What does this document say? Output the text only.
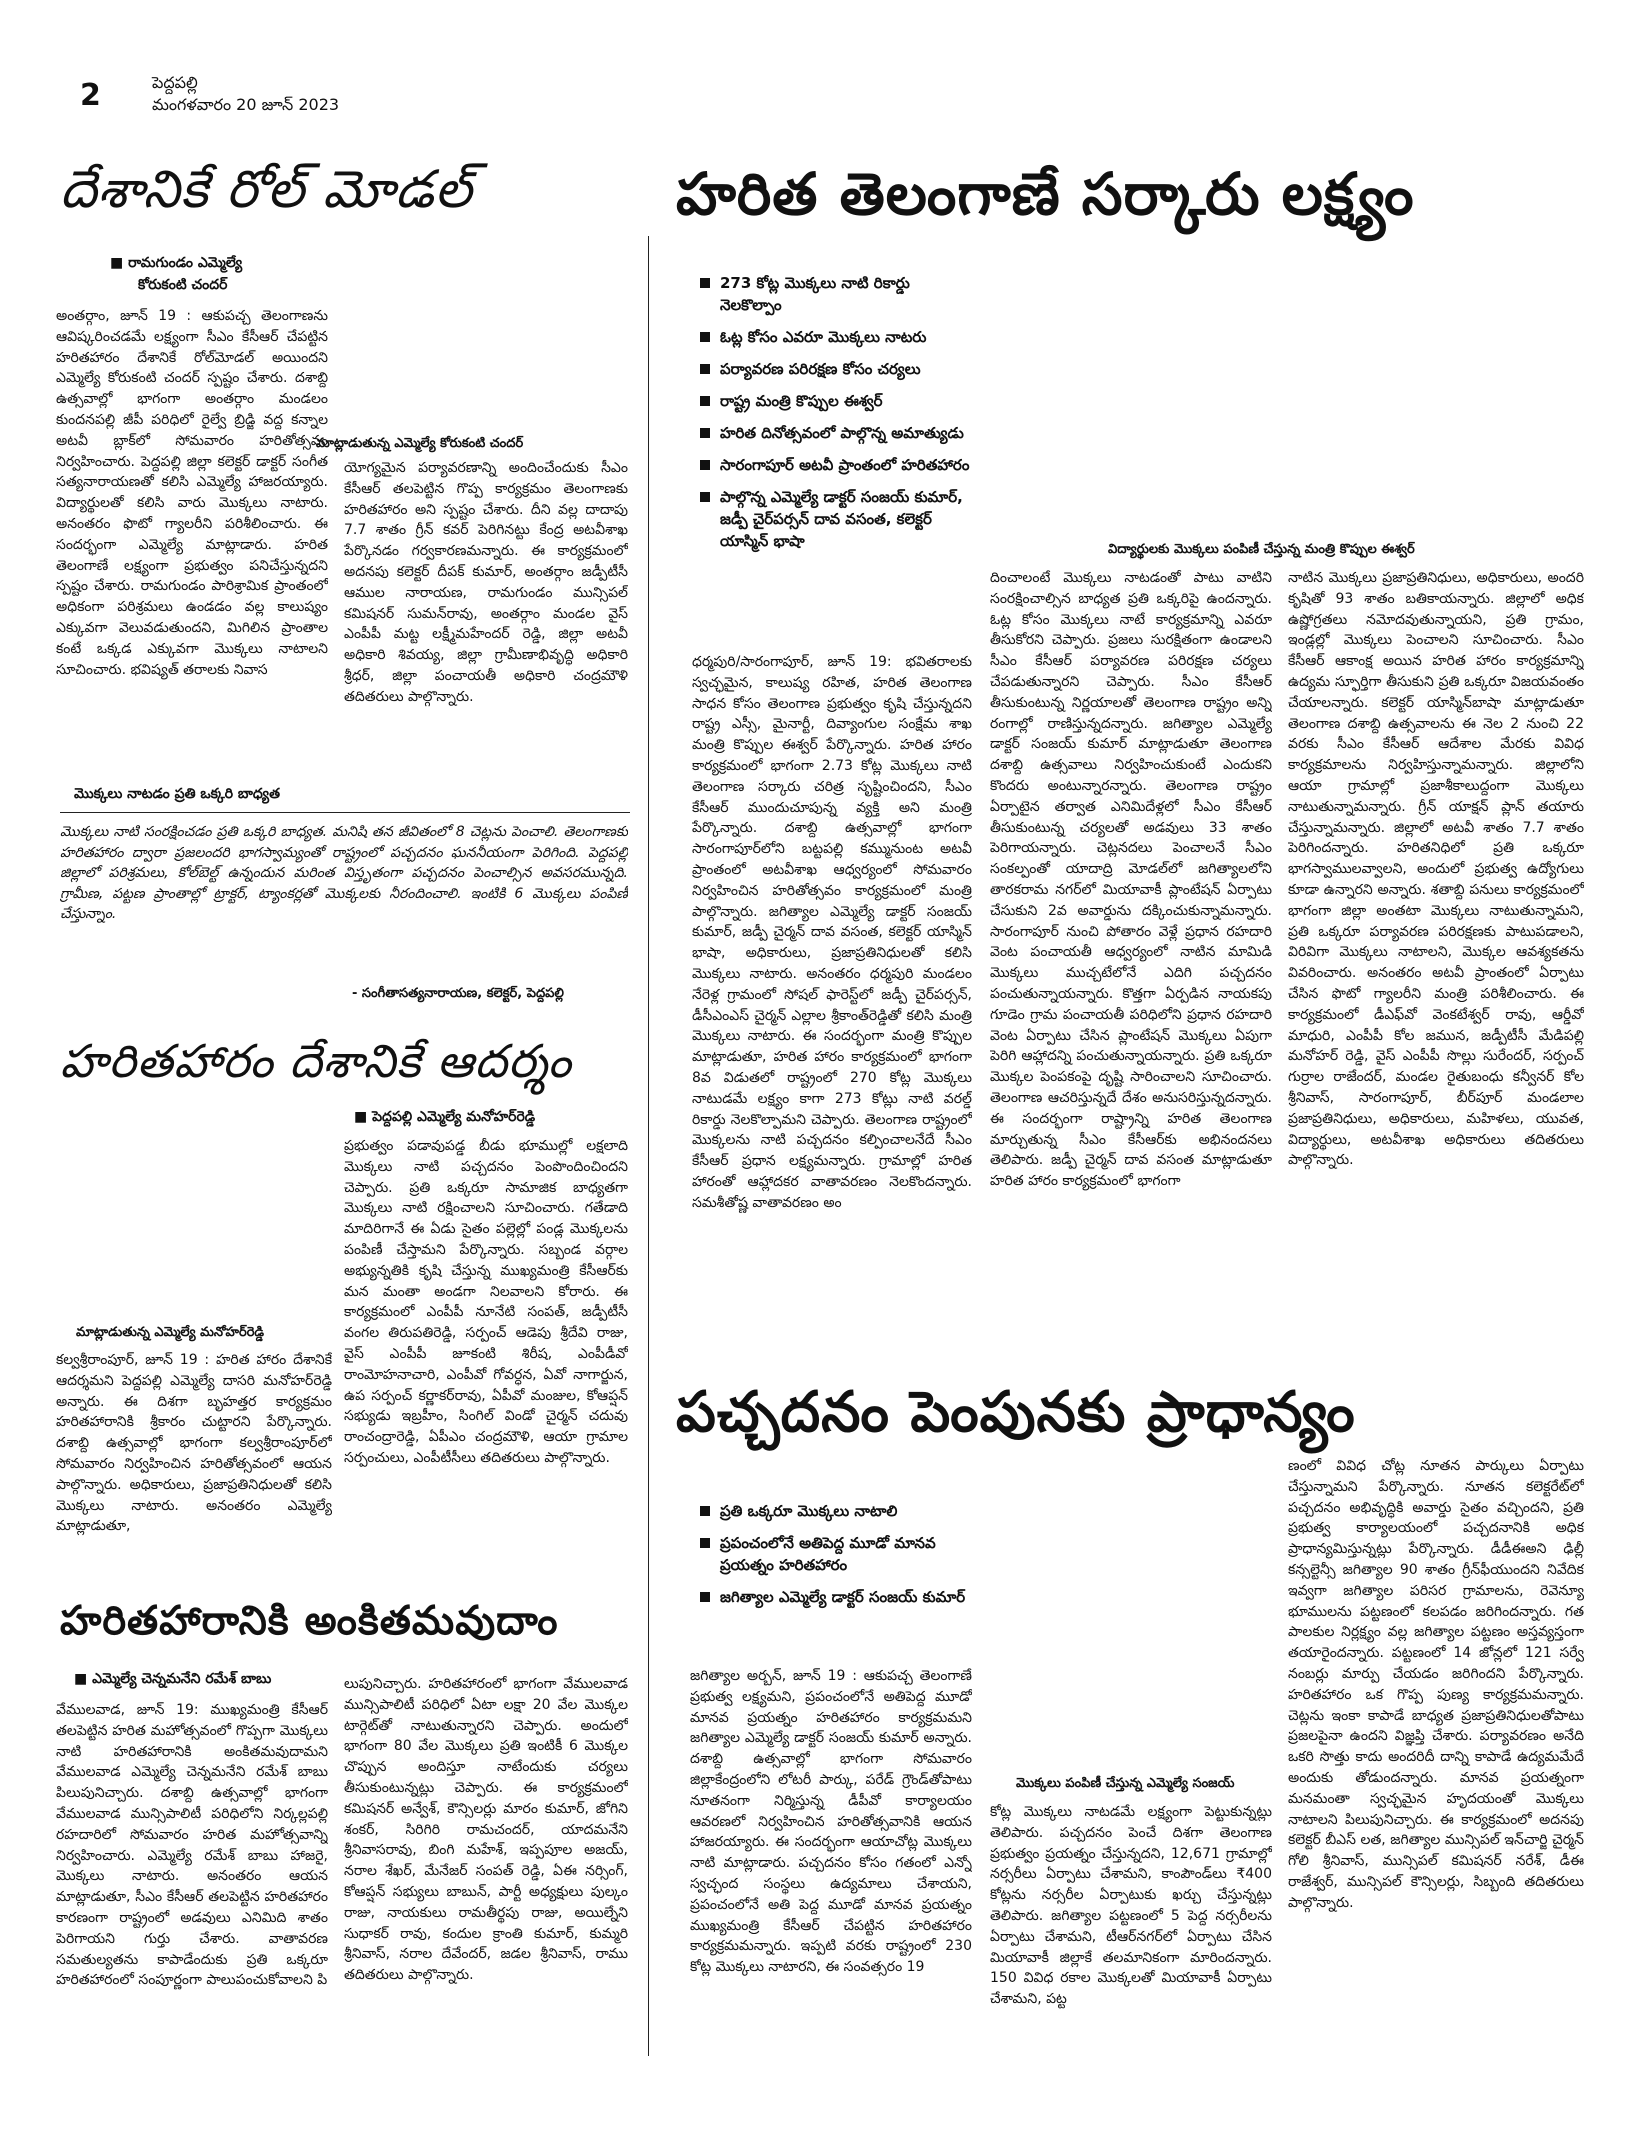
2	పెద్దపల్లి
మంగళవారం 20 జూన్ 2023
దేశానికే రోల్ మోడల్
■ రామగుండం ఎమ్మెల్యే
కోరుకంటి చందర్
అంతర్గాం, జూన్ 19 : ఆకుపచ్చ తెలంగాణను ఆవిష్కరించడమే లక్ష్యంగా సీఎం కేసీఆర్ చేపట్టిన హరితహారం దేశానికే రోల్‌మోడల్ అయిందని ఎమ్మెల్యే కోరుకంటి చందర్ స్పష్టం చేశారు. దశాబ్ది ఉత్సవాల్లో భాగంగా అంతర్గాం మండలం కుందనపల్లి జీపీ పరిధిలో రైల్వే బ్రిడ్జి వద్ద కన్నాల అటవీ బ్లాక్‌లో సోమవారం హరితోత్సవం నిర్వహించారు. పెద్దపల్లి జిల్లా కలెక్టర్ డాక్టర్ సంగీత సత్యనారాయణతో కలిసి ఎమ్మెల్యే హాజరయ్యారు. విద్యార్థులతో కలిసి వారు మొక్కలు నాటారు. అనంతరం ఫొటో గ్యాలరీని పరిశీలించారు. ఈ సందర్భంగా ఎమ్మెల్యే మాట్లాడారు. హరిత తెలంగాణే లక్ష్యంగా ప్రభుత్వం పనిచేస్తున్నదని స్పష్టం చేశారు. రామగుండం పారిశ్రామిక ప్రాంతంలో అధికంగా పరిశ్రమలు ఉండడం వల్ల కాలుష్యం ఎక్కువగా వెలువడుతుందని, మిగిలిన ప్రాంతాల కంటే ఒక్కడ ఎక్కువగా మొక్కలు నాటాలని సూచించారు. భవిష్యత్ తరాలకు నివాస
మాట్లాడుతున్న ఎమ్మెల్యే కోరుకంటి చందర్
యోగ్యమైన పర్యావరణాన్ని అందించేందుకు సీఎం కేసీఆర్ తలపెట్టిన గొప్ప కార్యక్రమం తెలంగాణకు హరితహారం అని స్పష్టం చేశారు. దీని వల్ల దాదాపు 7.7 శాతం గ్రీన్ కవర్ పెరిగినట్టు కేంద్ర అటవీశాఖ పేర్కొనడం గర్వకారణమన్నారు. ఈ కార్యక్రమంలో అదనపు కలెక్టర్ దీపక్ కుమార్, అంతర్గాం జడ్పీటీసీ ఆముల నారాయణ, రామగుండం మున్సిపల్ కమిషనర్ సుమన్‌రావు, అంతర్గాం మండల వైస్ ఎంపీపీ మట్ట లక్ష్మీమహేందర్ రెడ్డి, జిల్లా అటవీ అధికారి శివయ్య, జిల్లా గ్రామీణాభివృద్ధి అధికారి శ్రీధర్, జిల్లా పంచాయతీ అధికారి చంద్రమౌళి తదితరులు పాల్గొన్నారు.
మొక్కలు నాటడం ప్రతి ఒక్కరి బాధ్యత
మొక్కలు నాటి సంరక్షించడం ప్రతి ఒక్కరి బాధ్యత. మనిషి తన జీవితంలో 8 చెట్లను పెంచాలి. తెలంగాణకు హరితహారం ద్వారా ప్రజలందరి భాగస్వామ్యంతో రాష్ట్రంలో పచ్చదనం ఘననీయంగా పెరిగింది. పెద్దపల్లి జిల్లాలో పరిశ్రమలు, కోల్‌బెల్ట్ ఉన్నందున మరింత విస్తృతంగా పచ్చదనం పెంచాల్సిన అవసరమున్నది. గ్రామీణ, పట్టణ ప్రాంతాల్లో ట్రాక్టర్, ట్యాంకర్లతో మొక్కలకు నీరందించాలి. ఇంటికి 6 మొక్కలు పంపిణీ చేస్తున్నాం.
- సంగీతాసత్యనారాయణ, కలెక్టర్, పెద్దపల్లి
హరితహారం దేశానికే ఆదర్శం
■ పెద్దపల్లి ఎమ్మెల్యే మనోహర్‌రెడ్డి
మాట్లాడుతున్న ఎమ్మెల్యే మనోహర్‌రెడ్డి
కల్వశ్రీరాంపూర్, జూన్ 19 : హరిత హారం దేశానికే ఆదర్శమని పెద్దపల్లి ఎమ్మెల్యే దాసరి మనోహర్‌రెడ్డి అన్నారు. ఈ దిశగా బృహత్తర కార్యక్రమం హరితహారానికి శ్రీకారం చుట్టారని పేర్కొన్నారు. దశాబ్ది ఉత్సవాల్లో భాగంగా కల్వశ్రీరాంపూర్‌లో సోమవారం నిర్వహించిన హరితోత్సవంలో ఆయన పాల్గొన్నారు. అధికారులు, ప్రజాప్రతినిధులతో కలిసి మొక్కలు నాటారు. అనంతరం ఎమ్మెల్యే మాట్లాడుతూ,
ప్రభుత్వం పడావుపడ్డ బీడు భూముల్లో లక్షలాది మొక్కలు నాటి పచ్చదనం పెంపొందించిందని చెప్పారు. ప్రతి ఒక్కరూ సామాజిక బాధ్యతగా మొక్కలు నాటి రక్షించాలని సూచించారు. గతేడాది మాదిరిగానే ఈ ఏడు సైతం పల్లెల్లో పండ్ల మొక్కలను పంపిణీ చేస్తామని పేర్కొన్నారు. సబ్బండ వర్గాల అభ్యున్నతికి కృషి చేస్తున్న ముఖ్యమంత్రి కేసీఆర్‌కు మన మంతా అండగా నిలవాలని కోరారు. ఈ కార్యక్రమంలో ఎంపీపీ నూనేటి సంపత్, జడ్పీటీసీ వంగల తిరుపతిరెడ్డి, సర్పంచ్ ఆడెపు శ్రీదేవి రాజు, వైస్ ఎంపీపీ జూకంటి శిరీష, ఎంపీడీవో రాంమోహనాచారి, ఎంపీవో గోవర్ధన, ఏవో నాగార్జున, ఉప సర్పంచ్ కర్ణాకర్‌రావు, ఏపీవో మంజుల, కోఆప్షన్ సభ్యుడు ఇబ్రహీం, సింగిల్ విండో చైర్మన్ చదువు రాంచంద్రారెడ్డి, ఏపీఎం చంద్రమౌళి, ఆయా గ్రామాల సర్పంచులు, ఎంపీటీసీలు తదితరులు పాల్గొన్నారు.
హరితహారానికి అంకితమవుదాం
■ ఎమ్మెల్యే చెన్నమనేని రమేశ్ బాబు
వేములవాడ, జూన్ 19: ముఖ్యమంత్రి కేసీఆర్ తలపెట్టిన హరిత మహోత్సవంలో గొప్పగా మొక్కలు నాటి హరితహారానికి అంకితమవుదామని వేములవాడ ఎమ్మెల్యే చెన్నమనేని రమేశ్ బాబు పిలుపునిచ్చారు. దశాబ్ది ఉత్సవాల్లో భాగంగా వేములవాడ మున్సిపాలిటీ పరిధిలోని నిర్కల్లపల్లి రహదారిలో సోమవారం హరిత మహోత్సవాన్ని నిర్వహించారు. ఎమ్మెల్యే రమేశ్ బాబు హాజరై, మొక్కలు నాటారు. అనంతరం ఆయన మాట్లాడుతూ, సీఎం కేసీఆర్ తలపెట్టిన హరితహారం కారణంగా రాష్ట్రంలో అడవులు ఎనిమిది శాతం పెరిగాయని గుర్తు చేశారు. వాతావరణ సమతుల్యతను కాపాడేందుకు ప్రతి ఒక్కరూ హరితహారంలో సంపూర్ణంగా పాలుపంచుకోవాలని పి
లుపునిచ్చారు. హరితహారంలో భాగంగా వేములవాడ మున్సిపాలిటీ పరిధిలో ఏటా లక్షా 20 వేల మొక్కల టార్గెట్‌తో నాటుతున్నారని చెప్పారు. అందులో భాగంగా 80 వేల మొక్కలు ప్రతి ఇంటికీ 6 మొక్కల చొప్పున అందిస్తూ నాటేందుకు చర్యలు తీసుకుంటున్నట్లు చెప్పారు. ఈ కార్యక్రమంలో కమిషనర్ అన్వేశ్, కౌన్సిలర్లు మారం కుమార్, జోగిని శంకర్, సిరిగిరి రామచందర్, యాదమనేని శ్రీనివాసరావు, బింగి మహేశ్, ఇప్పపూల అజయ్, నరాల శేఖర్, మేనేజర్ సంపత్ రెడ్డి, ఏఈ నర్సింగ్, కోఆప్షన్ సభ్యులు బాబున్, పార్టీ అధ్యక్షులు పుల్కం రాజు, నాయకులు రామతీర్థపు రాజు, అయిల్నేని సుధాకర్ రావు, కందుల క్రాంతి కుమార్, కుమ్మరి శ్రీనివాస్, నరాల దేవేందర్, జడల శ్రీనివాస్, రాము తదితరులు పాల్గొన్నారు.
హరిత తెలంగాణే సర్కారు లక్ష్యం
273 కోట్ల మొక్కలు నాటి రికార్డు నెలకొల్పాం
ఓట్ల కోసం ఎవరూ మొక్కలు నాటరు
పర్యావరణ పరిరక్షణ కోసం చర్యలు
రాష్ట్ర మంత్రి కొప్పుల ఈశ్వర్
హరిత దినోత్సవంలో పాల్గొన్న అమాత్యుడు
సారంగాపూర్ అటవీ ప్రాంతంలో హరితహారం
పాల్గొన్న ఎమ్మెల్యే డాక్టర్ సంజయ్ కుమార్, జడ్పీ చైర్‌పర్సన్ దావ వసంత, కలెక్టర్ యాస్మిన్ భాషా	విద్యార్థులకు మొక్కలు పంపిణీ చేస్తున్న మంత్రి కొప్పుల ఈశ్వర్
ధర్మపురి/సారంగాపూర్, జూన్ 19: భవితరాలకు స్వచ్ఛమైన, కాలుష్య రహిత, హరిత తెలంగాణ సాధన కోసం తెలంగాణ ప్రభుత్వం కృషి చేస్తున్నదని రాష్ట్ర ఎస్సీ, మైనార్టీ, దివ్యాంగుల సంక్షేమ శాఖ మంత్రి కొప్పుల ఈశ్వర్ పేర్కొన్నారు. హరిత హారం కార్యక్రమంలో భాగంగా 2.73 కోట్ల మొక్కలు నాటి తెలంగాణ సర్కారు చరిత్ర సృష్టించిందని, సీఎం కేసీఆర్ ముందుచూపున్న వ్యక్తి అని మంత్రి పేర్కొన్నారు. దశాబ్ది ఉత్సవాల్లో భాగంగా సారంగాపూర్‌లోని బట్టపల్లి కమ్మునుంట అటవీ ప్రాంతంలో అటవీశాఖ ఆధ్వర్యంలో సోమవారం నిర్వహించిన హరితోత్సవం కార్యక్రమంలో మంత్రి పాల్గొన్నారు. జగిత్యాల ఎమ్మెల్యే డాక్టర్ సంజయ్ కుమార్, జడ్పీ చైర్మన్ దావ వసంత, కలెక్టర్ యాస్మిన్ భాషా, అధికారులు, ప్రజాప్రతినిధులతో కలిసి మొక్కలు నాటారు. అనంతరం ధర్మపురి మండలం నేరెళ్ల గ్రామంలో సోషల్ ఫారెస్ట్‌లో జడ్పీ చైర్‌పర్సన్, డీసీఎంఎస్ చైర్మన్ ఎల్లాల శ్రీకాంత్‌రెడ్డితో కలిసి మంత్రి మొక్కలు నాటారు. ఈ సందర్భంగా మంత్రి కొప్పుల మాట్లాడుతూ, హరిత హారం కార్యక్రమంలో భాగంగా 8వ విడుతలో రాష్ట్రంలో 270 కోట్ల మొక్కలు నాటుడమే లక్ష్యం కాగా 273 కోట్లు నాటి వరల్డ్ రికార్డు నెలకొల్పామని చెప్పారు. తెలంగాణ రాష్ట్రంలో మొక్కలను నాటి పచ్చదనం కల్పించాలనేదే సీఎం కేసీఆర్ ప్రధాన లక్ష్యమన్నారు. గ్రామాల్లో హరిత హారంతో ఆహ్లాదకర వాతావరణం నెలకొందన్నారు. సమశీతోష్ణ వాతావరణం అం
దించాలంటే మొక్కలు నాటడంతో పాటు వాటిని సంరక్షించాల్సిన బాధ్యత ప్రతి ఒక్కరిపై ఉందన్నారు. ఓట్ల కోసం మొక్కలు నాటే కార్యక్రమాన్ని ఎవరూ తీసుకోరని చెప్పారు. ప్రజలు సురక్షితంగా ఉండాలని సీఎం కేసీఆర్ పర్యావరణ పరిరక్షణ చర్యలు చేపడుతున్నారని చెప్పారు. సీఎం కేసీఆర్ తీసుకుంటున్న నిర్ణయాలతో తెలంగాణ రాష్ట్రం అన్ని రంగాల్లో రాణిస్తున్నదన్నారు. జగిత్యాల ఎమ్మెల్యే డాక్టర్ సంజయ్ కుమార్ మాట్లాడుతూ తెలంగాణ దశాబ్ది ఉత్సవాలు నిర్వహించుకుంటే ఎందుకని కొందరు అంటున్నారన్నారు. తెలంగాణ రాష్ట్రం ఏర్పాటైన తర్వాత ఎనిమిదేళ్లలో సీఎం కేసీఆర్ తీసుకుంటున్న చర్యలతో అడవులు 33 శాతం పెరిగాయన్నారు. చెట్లనదలు పెంచాలనే సీఎం సంకల్పంతో యాదాద్రి మోడల్‌లో జగిత్యాలలోని తారకరామ నగర్‌లో మియావాకీ ప్లాంటేషన్ ఏర్పాటు చేసుకుని 2వ అవార్డును దక్కించుకున్నామన్నారు. సారంగాపూర్ నుంచి పోతారం వెళ్లే ప్రధాన రహదారి వెంట పంచాయతీ ఆధ్వర్యంలో నాటిన మామిడి మొక్కలు ముచ్చటేలోనే ఎదిగి పచ్చదనం పంచుతున్నాయన్నారు. కొత్తగా ఏర్పడిన నాయకపు గూడెం గ్రామ పంచాయతీ పరిధిలోని ప్రధాన రహదారి వెంట ఏర్పాటు చేసిన ప్లాంటేషన్ మొక్కలు ఏపుగా పెరిగి ఆహ్లాదన్ని పంచుతున్నాయన్నారు. ప్రతి ఒక్కరూ మొక్కల పెంపకంపై దృష్టి సారించాలని సూచించారు. తెలంగాణ ఆచరిస్తున్నదే దేశం అనుసరిస్తున్నదన్నారు. ఈ సందర్భంగా రాష్ట్రాన్ని హరిత తెలంగాణ మార్చుతున్న సీఎం కేసీఆర్‌కు అభినందనలు తెలిపారు. జడ్పీ చైర్మన్ దావ వసంత మాట్లాడుతూ హరిత హారం కార్యక్రమంలో భాగంగా
నాటిన మొక్కలు ప్రజాప్రతినిధులు, అధికారులు, అందరి కృషితో 93 శాతం బతికాయన్నారు. జిల్లాలో అధిక ఉష్ణోగ్రతలు నమోదవుతున్నాయని, ప్రతి గ్రామం, ఇండ్లల్లో మొక్కలు పెంచాలని సూచించారు. సీఎం కేసీఆర్ ఆకాంక్ష అయిన హరిత హారం కార్యక్రమాన్ని ఉద్యమ స్ఫూర్తిగా తీసుకుని ప్రతి ఒక్కరూ విజయవంతం చేయాలన్నారు. కలెక్టర్ యాస్మిన్‌బాషా మాట్లాడుతూ తెలంగాణ దశాబ్ది ఉత్సవాలను ఈ నెల 2 నుంచి 22 వరకు సీఎం కేసీఆర్ ఆదేశాల మేరకు వివిధ కార్యక్రమాలను నిర్వహిస్తున్నామన్నారు. జిల్లాలోని ఆయా గ్రామాల్లో ప్రజాశీకాలుద్దంగా మొక్కలు నాటుతున్నామన్నారు. గ్రీన్ యాక్షన్ ప్లాన్ తయారు చేస్తున్నామన్నారు. జిల్లాలో అటవీ శాతం 7.7 శాతం పెరిగిందన్నారు. హరితనిధిలో ప్రతి ఒక్కరూ భాగస్వాములవ్వాలని, అందులో ప్రభుత్వ ఉద్యోగులు కూడా ఉన్నారని అన్నారు. శతాబ్ది పనులు కార్యక్రమంలో భాగంగా జిల్లా అంతటా మొక్కలు నాటుతున్నామని, ప్రతి ఒక్కరూ పర్యావరణ పరిరక్షణకు పాటుపడాలని, విరివిగా మొక్కలు నాటాలని, మొక్కల ఆవశ్యకతను వివరించారు. అనంతరం అటవీ ప్రాంతంలో ఏర్పాటు చేసిన ఫొటో గ్యాలరీని మంత్రి పరిశీలించారు. ఈ కార్యక్రమంలో డీఎఫ్‌వో వెంకటేశ్వర్ రావు, ఆర్డీవో మాధురి, ఎంపీపీ కోల జమున, జడ్పీటీసీ మేడిపల్లి మనోహర్ రెడ్డి, వైస్ ఎంపీపీ సొల్లు సురేందర్, సర్పంచ్ గుర్రాల రాజేందర్, మండల రైతుబంధు కన్వీనర్ కోల శ్రీనివాస్, సారంగాపూర్, బీర్‌పూర్ మండలాల ప్రజాప్రతినిధులు, అధికారులు, మహిళలు, యువత, విద్యార్థులు, అటవీశాఖ అధికారులు తదితరులు పాల్గొన్నారు.
పచ్చదనం పెంపునకు ప్రాధాన్యం
ప్రతి ఒక్కరూ మొక్కలు నాటాలి
ప్రపంచంలోనే అతిపెద్ద మూడో మానవ ప్రయత్నం హరితహారం
జగిత్యాల ఎమ్మెల్యే డాక్టర్ సంజయ్ కుమార్
మొక్కలు పంపిణీ చేస్తున్న ఎమ్మెల్యే సంజయ్
జగిత్యాల అర్బన్, జూన్ 19 : ఆకుపచ్చ తెలంగాణే ప్రభుత్వ లక్ష్యమని, ప్రపంచంలోనే అతిపెద్ద మూడో మానవ ప్రయత్నం హరితహారం కార్యక్రమమని జగిత్యాల ఎమ్మెల్యే డాక్టర్ సంజయ్ కుమార్ అన్నారు. దశాబ్ది ఉత్సవాల్లో భాగంగా సోమవారం జిల్లాకేంద్రంలోని లోటరీ పార్కు, పరేడ్ గ్రౌండ్‌తోపాటు నూతనంగా నిర్మిస్తున్న డీపీవో కార్యాలయం ఆవరణలో నిర్వహించిన హరితోత్సవానికి ఆయన హాజరయ్యారు. ఈ సందర్భంగా ఆయాచోట్ల మొక్కలు నాటి మాట్లాడారు. పచ్చదనం కోసం గతంలో ఎన్నో స్వచ్ఛంద సంస్థలు ఉద్యమాలు చేశాయని, ప్రపంచంలోనే అతి పెద్ద మూడో మానవ ప్రయత్నం ముఖ్యమంత్రి కేసీఆర్ చేపట్టిన హరితహారం కార్యక్రమమన్నారు. ఇప్పటి వరకు రాష్ట్రంలో 230 కోట్ల మొక్కలు నాటారని, ఈ సంవత్సరం 19
కోట్ల మొక్కలు నాటడమే లక్ష్యంగా పెట్టుకున్నట్లు తెలిపారు. పచ్చదనం పెంచే దిశగా తెలంగాణ ప్రభుత్వం ప్రయత్నం చేస్తున్నదని, 12,671 గ్రామాల్లో నర్సరీలు ఏర్పాటు చేశామని, కాంపౌండ్‌లు ₹400 కోట్లను నర్సరీల ఏర్పాటుకు ఖర్చు చేస్తున్నట్లు తెలిపారు. జగిత్యాల పట్టణంలో 5 పెద్ద నర్సరీలను ఏర్పాటు చేశామని, టీఆర్‌నగర్‌లో ఏర్పాటు చేసిన మియావాకీ జిల్లాకే తలమానికంగా మారిందన్నారు. 150 వివిధ రకాల మొక్కలతో మియావాకీ ఏర్పాటు చేశామని, పట్ట
ణంలో వివిధ చోట్ల నూతన పార్కులు ఏర్పాటు చేస్తున్నామని పేర్కొన్నారు. నూతన కలెక్టరేట్‌లో పచ్చదనం అభివృద్ధికి అవార్డు సైతం వచ్చిందని, ప్రతి ప్రభుత్వ కార్యాలయంలో పచ్చదనానికి అధిక ప్రాధాన్యమిస్తున్నట్లు పేర్కొన్నారు. డీడీఈఅని ఢిల్లీ కన్సల్టెన్సీ జగిత్యాల 90 శాతం గ్రీన్‌ఫీయుందని నివేదిక ఇవ్వగా జగిత్యాల పరిసర గ్రామాలను, రెవెన్యూ భూములను పట్టణంలో కలపడం జరిగిందన్నారు. గత పాలకుల నిర్లక్ష్యం వల్ల జగిత్యాల పట్టణం అస్తవ్యస్తంగా తయారైందన్నారు. పట్టణంలో 14 జోన్లలో 121 సర్వే నంబర్లు మార్పు చేయడం జరిగిందని పేర్కొన్నారు. హరితహారం ఒక గొప్ప పుణ్య కార్యక్రమమన్నారు. చెట్లను ఇంకా కాపాడే బాధ్యత ప్రజాప్రతినిధులతోపాటు ప్రజలపైనా ఉందని విజ్ఞప్తి చేశారు. పర్యావరణం అనేది ఒకరి సొత్తు కాదు అందరిదీ దాన్ని కాపాడే ఉద్యమమేదే అందుకు తోడుందన్నారు. మానవ ప్రయత్నంగా మనమంతా స్వచ్ఛమైన హృదయంతో మొక్కలు నాటాలని పిలుపునిచ్చారు. ఈ కార్యక్రమంలో అదనపు కలెక్టర్ బీఎస్ లత, జగిత్యాల మున్సిపల్ ఇన్‌చార్జి చైర్మన్ గోలి శ్రీనివాస్, మున్సిపల్ కమిషనర్ నరేశ్, డీఈ రాజేశ్వర్, మున్సిపల్ కౌన్సిలర్లు, సిబ్బంది తదితరులు పాల్గొన్నారు.
